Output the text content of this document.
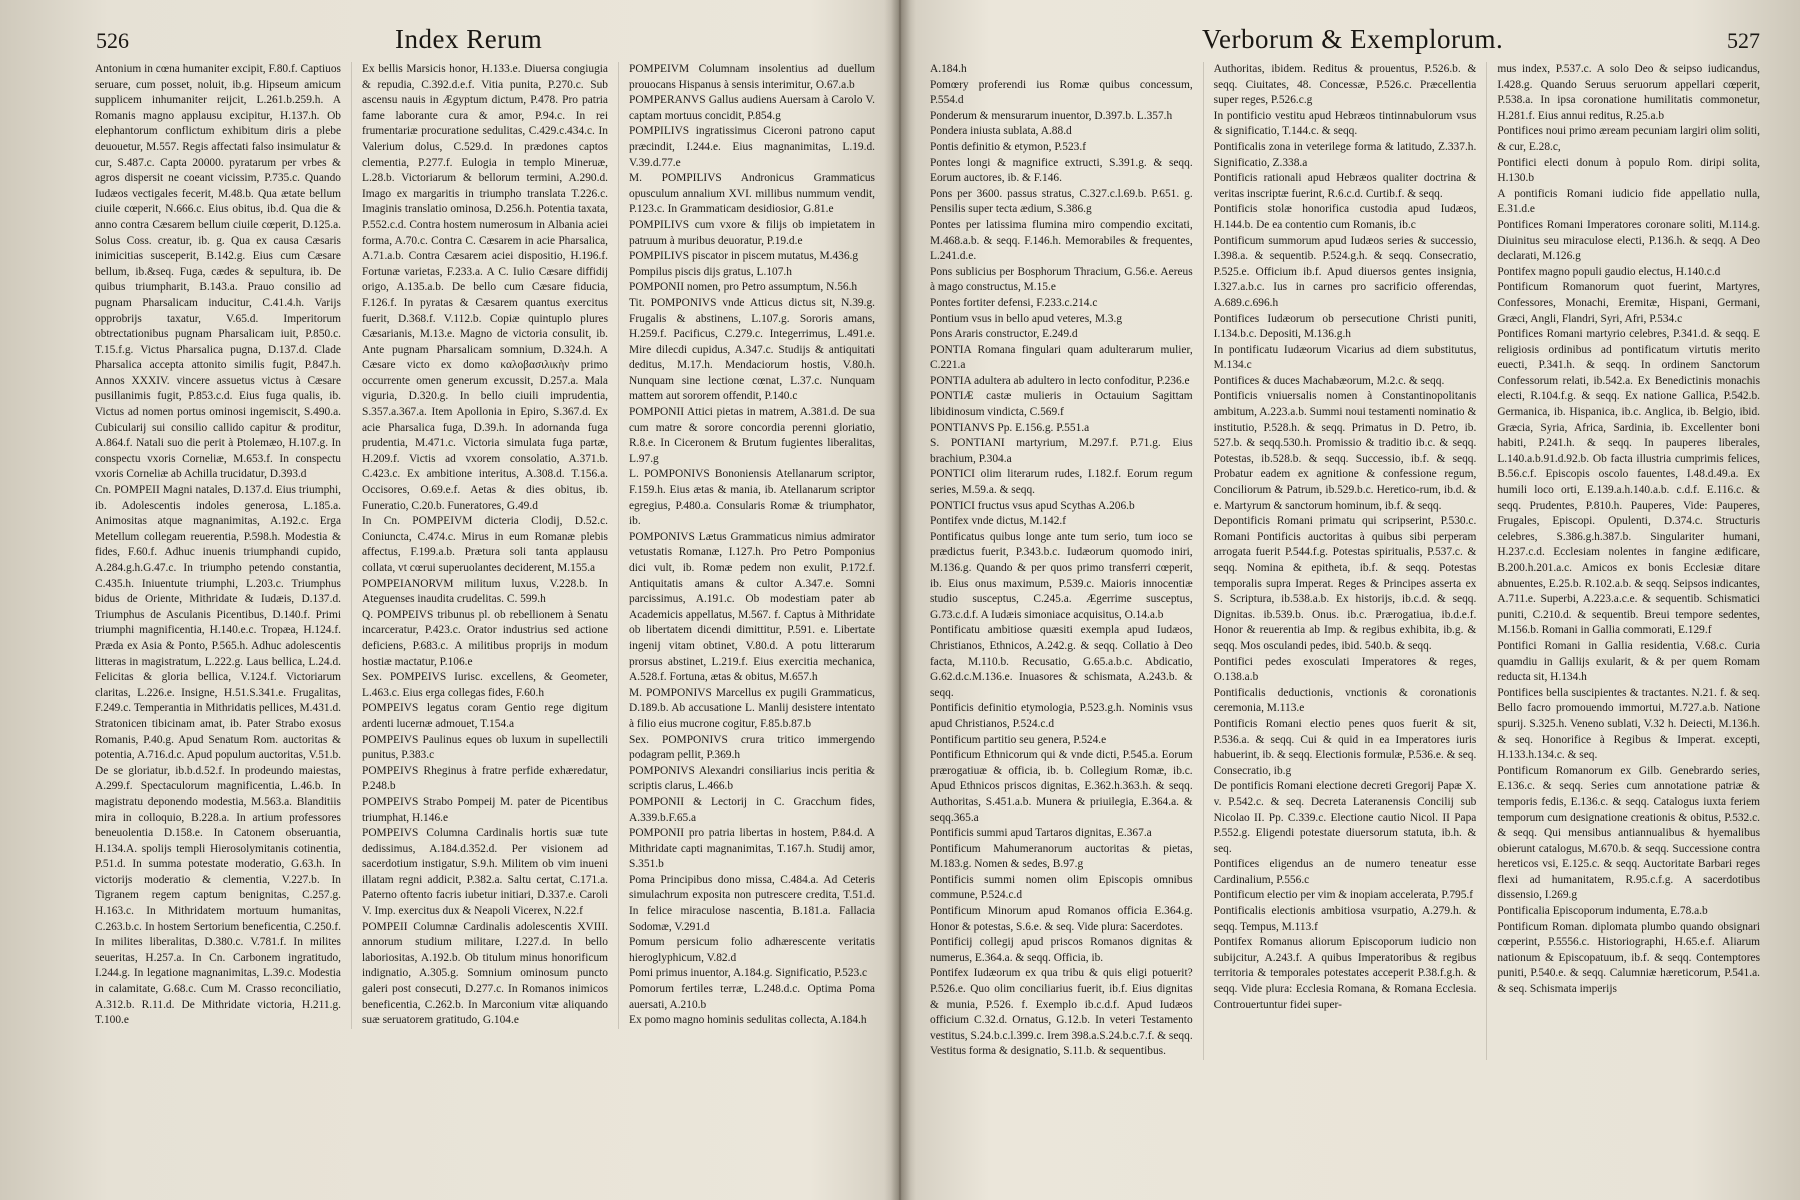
526	Index Rerum

Antonium in cœna humaniter excipit, F.80.f. Captiuos seruare, cum posset, noluit, ib.g. Hipseum amicum supplicem inhumaniter reijcit, L.261.b.259.h. A Romanis magno applausu excipitur, H.137.h. Ob elephantorum conflictum exhibitum diris a plebe deuouetur, M.557. Regis affectati falso insimulatur & cur, S.487.c. Capta 20000. pyratarum per vrbes & agros dispersit ne coeant vicissim, P.735.c. Quando Iudæos vectigales fecerit, M.48.b. Qua ætate bellum ciuile cœperit, N.666.c. Eius obitus, ib.d. Qua die & anno contra Cæsarem bellum ciuile cœperit, D.125.a. Solus Coss. creatur, ib. g. Qua ex causa Cæsaris inimicitias susceperit, B.142.g. Eius cum Cæsare bellum, ib.&seq. Fuga, cædes & sepultura, ib. De quibus triumpharit, B.143.a. Prauo consilio ad pugnam Pharsalicam inducitur, C.41.4.h. Varijs opprobrijs taxatur, V.65.d. Imperitorum obtrectationibus pugnam Pharsalicam iuit, P.850.c. T.15.f.g. Victus Pharsalica pugna, D.137.d. Clade Pharsalica accepta attonito similis fugit, P.847.h. Annos XXXIV. vincere assuetus victus à Cæsare pusillanimis fugit, P.853.c.d. Eius fuga qualis, ib. Victus ad nomen portus ominosi ingemiscit, S.490.a. Cubicularij sui consilio callido capitur & proditur, A.864.f. Natali suo die perit à Ptolemæo, H.107.g. In conspectu vxoris Corneliæ, M.653.f. In conspectu vxoris Corneliæ ab Achilla trucidatur, D.393.d

Cn. POMPEII Magni natales, D.137.d. Eius triumphi, ib. Adolescentis indoles generosa, L.185.a. Animositas atque magnanimitas, A.192.c. Erga Metellum collegam reuerentia, P.598.h. Modestia & fides, F.60.f. Adhuc inuenis triumphandi cupido, A.284.g.h.G.47.c. In triumpho petendo constantia, C.435.h. Iniuentute triumphi, L.203.c. Triumphus bidus de Oriente, Mithridate & Iudæis, D.137.d. Triumphus de Asculanis Picentibus, D.140.f. Primi triumphi magnificentia, H.140.e.c. Tropæa, H.124.f. Præda ex Asia & Ponto, P.565.h. Adhuc adolescentis litteras in magistratum, L.222.g. Laus bellica, L.24.d. Felicitas & gloria bellica, V.124.f. Victoriarum claritas, L.226.e. Insigne, H.51.S.341.e. Frugalitas, F.249.c. Temperantia in Mithridatis pellices, M.431.d. Stratonicen tibicinam amat, ib. Pater Strabo exosus Romanis, P.40.g. Apud Senatum Rom. auctoritas & potentia, A.716.d.c. Apud populum auctoritas, V.51.b. De se gloriatur, ib.b.d.52.f. In prodeundo maiestas, A.299.f. Spectaculorum magnificentia, L.46.b. In magistratu deponendo modestia, M.563.a. Blanditiis mira in colloquio, B.228.a. In artium professores beneuolentia D.158.e. In Catonem obseruantia, H.134.A. spolijs templi Hierosolymitanis cotinentia, P.51.d. In summa potestate moderatio, G.63.h. In victorijs moderatio & clementia, V.227.b. In Tigranem regem captum benignitas, C.257.g. H.163.c. In Mithridatem mortuum humanitas, C.263.b.c. In hostem Sertorium beneficentia, C.250.f. In milites liberalitas, D.380.c. V.781.f. In milites seueritas, H.257.a. In Cn. Carbonem ingratitudo, I.244.g. In legatione magnanimitas, L.39.c. Modestia in calamitate, G.68.c. Cum M. Crasso reconciliatio, A.312.b. R.11.d. De Mithridate victoria, H.211.g. T.100.e

Ex bellis Marsicis honor, H.133.e. Diuersa congiugia & repudia, C.392.d.e.f. Vitia punita, P.270.c. Sub ascensu nauis in Ægyptum dictum, P.478. Pro patria fame laborante cura & amor, P.94.c. In rei frumentariæ procuratione sedulitas, C.429.c.434.c. In Valerium dolus, C.529.d. In prædones captos clementia, P.277.f. Eulogia in templo Mineruæ, L.28.b. Victoriarum & bellorum termini, A.290.d. Imago ex margaritis in triumpho translata T.226.c. Imaginis translatio ominosa, D.256.h. Potentia taxata, P.552.c.d. Contra hostem numerosum in Albania aciei forma, A.70.c. Contra C. Cæsarem in acie Pharsalica, A.71.a.b. Contra Cæsarem aciei dispositio, H.196.f. Fortunæ varietas, F.233.a. A C. Iulio Cæsare diffidij origo, A.135.a.b. De bello cum Cæsare fiducia, F.126.f. In pyratas & Cæsarem quantus exercitus fuerit, D.368.f. V.112.b. Copiæ quintuplo plures Cæsarianis, M.13.e. Magno de victoria consulit, ib. Ante pugnam Pharsalicam somnium, D.324.h. A Cæsare victo ex domo καλοβασιλικὴν primo occurrente omen generum excussit, D.257.a. Mala viguria, D.320.g. In bello ciuili imprudentia, S.357.a.367.a. Item Apollonia in Epiro, S.367.d. Ex acie Pharsalica fuga, D.39.h. In adornanda fuga prudentia, M.471.c. Victoria simulata fuga partæ, H.209.f. Victis ad vxorem consolatio, A.371.b. C.423.c. Ex ambitione interitus, A.308.d. T.156.a. Occisores, O.69.e.f. Aetas & dies obitus, ib. Funeratio, C.20.b. Funeratores, G.49.d

In Cn. POMPEIVM dicteria Clodij, D.52.c. Coniuncta, C.474.c. Mirus in eum Romanæ plebis affectus, F.199.a.b. Prætura soli tanta applausu collata, vt cœrui superuolantes deciderent, M.155.a

POMPEIANORVM militum luxus, V.228.b. In Ateguenses inaudita crudelitas. C. 599.h

Q. POMPEIVS tribunus pl. ob rebellionem à Senatu incarceratur, P.423.c. Orator industrius sed actione deficiens, P.683.c. A militibus proprijs in modum hostiæ mactatur, P.106.e

Sex. POMPEIVS Iurisc. excellens, & Geometer, L.463.c. Eius erga collegas fides, F.60.h

POMPEIVS legatus coram Gentio rege digitum ardenti lucernæ admouet, T.154.a

POMPEIVS Paulinus eques ob luxum in supellectili punitus, P.383.c

POMPEIVS Rheginus à fratre perfide exhæredatur, P.248.b

POMPEIVS Strabo Pompeij M. pater de Picentibus triumphat, H.146.e

POMPEIVS Columna Cardinalis hortis suæ tute dedissimus, A.184.d.352.d. Per visionem ad sacerdotium instigatur, S.9.h. Militem ob vim inueni illatam regni addicit, P.382.a. Saltu certat, C.171.a. Paterno oftento facris iubetur initiari, D.337.e. Caroli V. Imp. exercitus dux & Neapoli Vicerex, N.22.f

POMPEII Columnæ Cardinalis adolescentis XVIII. annorum studium militare, I.227.d. In bello laboriositas, A.192.b. Ob titulum minus honorificum indignatio, A.305.g. Somnium ominosum puncto galeri post consecuti, D.277.c. In Romanos inimicos beneficentia, C.262.b. In Marconium vitæ aliquando suæ seruatorem gratitudo, G.104.e

POMPEIVM Columnam insolentius ad duellum prouocans Hispanus à sensis interimitur, O.67.a.b

POMPERANVS Gallus audiens Auersam à Carolo V. captam mortuus concidit, P.854.g

POMPILIVS ingratissimus Ciceroni patrono caput præcindit, I.244.e. Eius magnanimitas, L.19.d. V.39.d.77.e

M. POMPILIVS Andronicus Grammaticus opusculum annalium XVI. millibus nummum vendit, P.123.c. In Grammaticam desidiosior, G.81.e

POMPILIVS cum vxore & filijs ob impietatem in patruum à muribus deuoratur, P.19.d.e

POMPILIVS piscator in piscem mutatus, M.436.g

Pompilus piscis dijs gratus, L.107.h

POMPONII nomen, pro Petro assumptum, N.56.h

Tit. POMPONIVS vnde Atticus dictus sit, N.39.g. Frugalis & abstinens, L.107.g. Sororis amans, H.259.f. Pacificus, C.279.c. Integerrimus, L.491.e. Mire dilecdi cupidus, A.347.c. Studijs & antiquitati deditus, M.17.h. Mendaciorum hostis, V.80.h. Nunquam sine lectione cœnat, L.37.c. Nunquam mattem aut sororem offendit, P.140.c

POMPONII Attici pietas in matrem, A.381.d. De sua cum matre & sorore concordia perenni gloriatio, R.8.e. In Ciceronem & Brutum fugientes liberalitas, L.97.g

L. POMPONIVS Bononiensis Atellanarum scriptor, F.159.h. Eius ætas & mania, ib. Atellanarum scriptor egregius, P.480.a. Consularis Romæ & triumphator, ib.

POMPONIVS Lætus Grammaticus nimius admirator vetustatis Romanæ, I.127.h. Pro Petro Pomponius dici vult, ib. Romæ pedem non exulit, P.172.f. Antiquitatis amans & cultor A.347.e. Somni parcissimus, A.191.c. Ob modestiam pater ab Academicis appellatus, M.567. f. Captus à Mithridate ob libertatem dicendi dimittitur, P.591. e. Libertate ingenij vitam obtinet, V.80.d. A potu litterarum prorsus abstinet, L.219.f. Eius exercitia mechanica, A.528.f. Fortuna, ætas & obitus, M.657.h

M. POMPONIVS Marcellus ex pugili Grammaticus, D.189.b. Ab accusatione L. Manlij desistere intentato à filio eius mucrone cogitur, F.85.b.87.b

Sex. POMPONIVS crura tritico immergendo podagram pellit, P.369.h

POMPONIVS Alexandri consiliarius incis peritia & scriptis clarus, L.466.b

POMPONII & Lectorij in C. Gracchum fides, A.339.b.F.65.a

POMPONII pro patria libertas in hostem, P.84.d. A Mithridate capti magnanimitas, T.167.h. Studij amor, S.351.b

Poma Principibus dono missa, C.484.a. Ad Ceteris simulachrum exposita non putrescere credita, T.51.d. In felice miraculose nascentia, B.181.a. Fallacia Sodomæ, V.291.d

Pomum persicum folio adhærescente veritatis hieroglyphicum, V.82.d

Pomi primus inuentor, A.184.g. Significatio, P.523.c

Pomorum fertiles terræ, L.248.d.c. Optima Poma auersati, A.210.b

Ex pomo magno hominis sedulitas collecta, A.184.h

527
Verborum & Exemplorum.

A.184.h

Pomœry proferendi ius Romæ quibus concessum, P.554.d

Ponderum & mensurarum inuentor, D.397.b. L.357.h

Pondera iniusta sublata, A.88.d

Pontis definitio & etymon, P.523.f

Pontes longi & magnifice extructi, S.391.g. & seqq. Eorum auctores, ib. & F.146.

Pons per 3600. passus stratus, C.327.c.l.69.b. P.651. g. Pensilis super tecta ædium, S.386.g

Pontes per latissima flumina miro compendio excitati, M.468.a.b. & seqq. F.146.h. Memorabiles & frequentes, L.241.d.e.

Pons sublicius per Bosphorum Thracium, G.56.e. Aereus à mago constructus, M.15.e

Pontes fortiter defensi, F.233.c.214.c

Pontium vsus in bello apud veteres, M.3.g

Pons Araris constructor, E.249.d

PONTIA Romana fingulari quam adulterarum mulier, C.221.a

PONTIA adultera ab adultero in lecto confoditur, P.236.e

PONTIÆ castæ mulieris in Octauium Sagittam libidinosum vindicta, C.569.f

PONTIANVS Pp. E.156.g. P.551.a

S. PONTIANI martyrium, M.297.f. P.71.g. Eius brachium, P.304.a

PONTICI olim literarum rudes, I.182.f. Eorum regum series, M.59.a. & seqq.

PONTICI fructus vsus apud Scythas A.206.b

Pontifex vnde dictus, M.142.f

Pontificatus quibus longe ante tum serio, tum ioco se prædictus fuerit, P.343.b.c. Iudæorum quomodo iniri, M.136.g. Quando & per quos primo transferri cœperit, ib. Eius onus maximum, P.539.c. Maioris innocentiæ studio susceptus, C.245.a. Ægerrime susceptus, G.73.c.d.f. A Iudæis simoniace acquisitus, O.14.a.b

Pontificatu ambitiose quæsiti exempla apud Iudæos, Christianos, Ethnicos, A.242.g. & seqq. Collatio à Deo facta, M.110.b. Recusatio, G.65.a.b.c. Abdicatio, G.62.d.c.M.136.e. Inuasores & schismata, A.243.b. & seqq.

Pontificis definitio etymologia, P.523.g.h. Nominis vsus apud Christianos, P.524.c.d

Pontificum partitio seu genera, P.524.e

Pontificum Ethnicorum qui & vnde dicti, P.545.a. Eorum prærogatiuæ & officia, ib. b. Collegium Romæ, ib.c. Apud Ethnicos priscos dignitas, E.362.h.363.h. & seqq. Authoritas, S.451.a.b. Munera & priuilegia, E.364.a. & seqq.365.a

Pontificis summi apud Tartaros dignitas, E.367.a

Pontificum Mahumeranorum auctoritas & pietas, M.183.g. Nomen & sedes, B.97.g

Pontificis summi nomen olim Episcopis omnibus commune, P.524.c.d

Pontificum Minorum apud Romanos officia E.364.g. Honor & potestas, S.6.e. & seq. Vide plura: Sacerdotes.

Pontificij collegij apud priscos Romanos dignitas & numerus, E.364.a. & seqq. Officia, ib.

Pontifex Iudæorum ex qua tribu & quis eligi potuerit? P.526.e. Quo olim conciliarius fuerit, ib.f. Eius dignitas & munia, P.526. f. Exemplo ib.c.d.f. Apud Iudæos officium C.32.d. Ornatus, G.12.b. In veteri Testamento vestitus, S.24.b.c.l.399.c. Irem 398.a.S.24.b.c.7.f. & seqq. Vestitus forma & designatio, S.11.b. & sequentibus.

Authoritas, ibidem. Reditus & prouentus, P.526.b. & seqq. Ciuitates, 48. Concessæ, P.526.c. Præcellentia super reges, P.526.c.g

In pontificio vestitu apud Hebræos tintinnabulorum vsus & significatio, T.144.c. & seqq.

Pontificalis zona in veterilege forma & latitudo, Z.337.h. Significatio, Z.338.a

Pontificis rationali apud Hebræos qualiter doctrina & veritas inscriptæ fuerint, R.6.c.d. Curtib.f. & seqq.

Pontificis stolæ honorifica custodia apud Iudæos, H.144.b. De ea contentio cum Romanis, ib.c

Pontificum summorum apud Iudæos series & successio, I.398.a. & sequentib. P.524.g.h. & seqq. Consecratio, P.525.e. Officium ib.f. Apud diuersos gentes insignia, I.327.a.b.c. Ius in carnes pro sacrificio offerendas, A.689.c.696.h

Pontifices Iudæorum ob persecutione Christi puniti, I.134.b.c. Depositi, M.136.g.h

In pontificatu Iudæorum Vicarius ad diem substitutus, M.134.c

Pontifices & duces Machabæorum, M.2.c. & seqq.

Pontificis vniuersalis nomen à Constantinopolitanis ambitum, A.223.a.b. Summi noui testamenti nominatio & institutio, P.528.h. & seqq. Primatus in D. Petro, ib. 527.b. & seqq.530.h. Promissio & traditio ib.c. & seqq. Potestas, ib.528.b. & seqq. Successio, ib.f. & seqq. Probatur eadem ex agnitione & confessione regum, Conciliorum & Patrum, ib.529.b.c. Heretico-rum, ib.d. & e. Martyrum & sanctorum hominum, ib.f. & seqq.

Depontificis Romani primatu qui scripserint, P.530.c. Romani Pontificis auctoritas à quibus sibi perperam arrogata fuerit P.544.f.g. Potestas spiritualis, P.537.c. & seqq. Nomina & epitheta, ib.f. & seqq. Potestas temporalis supra Imperat. Reges & Principes asserta ex S. Scriptura, ib.538.a.b. Ex historijs, ib.c.d. & seqq. Dignitas. ib.539.b. Onus. ib.c. Prærogatiua, ib.d.e.f. Honor & reuerentia ab Imp. & regibus exhibita, ib.g. & seqq. Mos osculandi pedes, ibid. 540.b. & seqq.

Pontifici pedes exosculati Imperatores & reges, O.138.a.b

Pontificalis deductionis, vnctionis & coronationis ceremonia, M.113.e

Pontificis Romani electio penes quos fuerit & sit, P.536.a. & seqq. Cui & quid in ea Imperatores iuris habuerint, ib. & seqq. Electionis formulæ, P.536.e. & seq. Consecratio, ib.g

De pontificis Romani electione decreti Gregorij Papæ X. v. P.542.c. & seq. Decreta Lateranensis Concilij sub Nicolao II. Pp. C.339.c. Electione cautio Nicol. II Papa P.552.g. Eligendi potestate diuersorum statuta, ib.h. & seq.

Pontifices eligendus an de numero teneatur esse Cardinalium, P.556.c

Pontificum electio per vim & inopiam accelerata, P.795.f

Pontificalis electionis ambitiosa vsurpatio, A.279.h. & seqq. Tempus, M.113.f

Pontifex Romanus aliorum Episcoporum iudicio non subijcitur, A.243.f. A quibus Imperatoribus & regibus territoria & temporales potestates acceperit P.38.f.g.h. & seqq. Vide plura: Ecclesia Romana, & Romana Ecclesia. Controuertuntur fidei super-

mus index, P.537.c. A solo Deo & seipso iudicandus, I.428.g. Quando Seruus seruorum appellari cœperit, P.538.a. In ipsa coronatione humilitatis commonetur, H.281.f. Eius annui reditus, R.25.a.b

Pontifices noui primo æream pecuniam largiri olim soliti, & cur, E.28.c,

Pontifici electi donum à populo Rom. diripi solita, H.130.b

A pontificis Romani iudicio fide appellatio nulla, E.31.d.e

Pontifices Romani Imperatores coronare soliti, M.114.g. Diuinitus seu miraculose electi, P.136.h. & seqq. A Deo declarati, M.126.g

Pontifex magno populi gaudio electus, H.140.c.d

Pontificum Romanorum quot fuerint, Martyres, Confessores, Monachi, Eremitæ, Hispani, Germani, Græci, Angli, Flandri, Syri, Afri, P.534.c

Pontifices Romani martyrio celebres, P.341.d. & seqq. E religiosis ordinibus ad pontificatum virtutis merito euecti, P.341.h. & seqq. In ordinem Sanctorum Confessorum relati, ib.542.a. Ex Benedictinis monachis electi, R.104.f.g. & seqq. Ex natione Gallica, P.542.b. Germanica, ib. Hispanica, ib.c. Anglica, ib. Belgio, ibid. Græcia, Syria, Africa, Sardinia, ib. Excellenter boni habiti, P.241.h. & seqq. In pauperes liberales, L.140.a.b.91.d.92.b. Ob facta illustria cumprimis felices, B.56.c.f. Episcopis oscolo fauentes, I.48.d.49.a. Ex humili loco orti, E.139.a.h.140.a.b. c.d.f. E.116.c. & seqq. Prudentes, P.810.h. Pauperes, Vide: Pauperes, Frugales, Episcopi. Opulenti, D.374.c. Structuris celebres, S.386.g.h.387.b. Singulariter humani, H.237.c.d. Ecclesiam nolentes in fangine ædificare, B.200.h.201.a.c. Amicos ex bonis Ecclesiæ ditare abnuentes, E.25.b. R.102.a.b. & seqq. Seipsos indicantes, A.711.e. Superbi, A.223.a.c.e. & sequentib. Schismatici puniti, C.210.d. & sequentib. Breui tempore sedentes, M.156.b. Romani in Gallia commorati, E.129.f

Pontifici Romani in Gallia residentia, V.68.c. Curia quamdiu in Gallijs exularit, & & per quem Romam reducta sit, H.134.h

Pontifices bella suscipientes & tractantes. N.21. f. & seq. Bello facro promouendo immortui, M.727.a.b. Natione spurij. S.325.h. Veneno sublati, V.32 h. Deiecti, M.136.h. & seq. Honorifice à Regibus & Imperat. excepti, H.133.h.134.c. & seq.

Pontificum Romanorum ex Gilb. Genebrardo series, E.136.c. & seqq. Series cum annotatione patriæ & temporis fedis, E.136.c. & seqq. Catalogus iuxta feriem temporum cum designatione creationis & obitus, P.532.c. & seqq. Qui mensibus antiannualibus & hyemalibus obierunt catalogus, M.670.b. & seqq. Successione contra hereticos vsi, E.125.c. & seqq. Auctoritate Barbari reges flexi ad humanitatem, R.95.c.f.g. A sacerdotibus dissensio, I.269.g

Pontificalia Episcoporum indumenta, E.78.a.b

Pontificum Roman. diplomata plumbo quando obsignari cœperint, P.5556.c. Historiographi, H.65.e.f. Aliarum nationum & Episcopatuum, ib.f. & seqq. Contemptores puniti, P.540.e. & seqq. Calumniæ hæreticorum, P.541.a. & seq. Schismata imperijs
